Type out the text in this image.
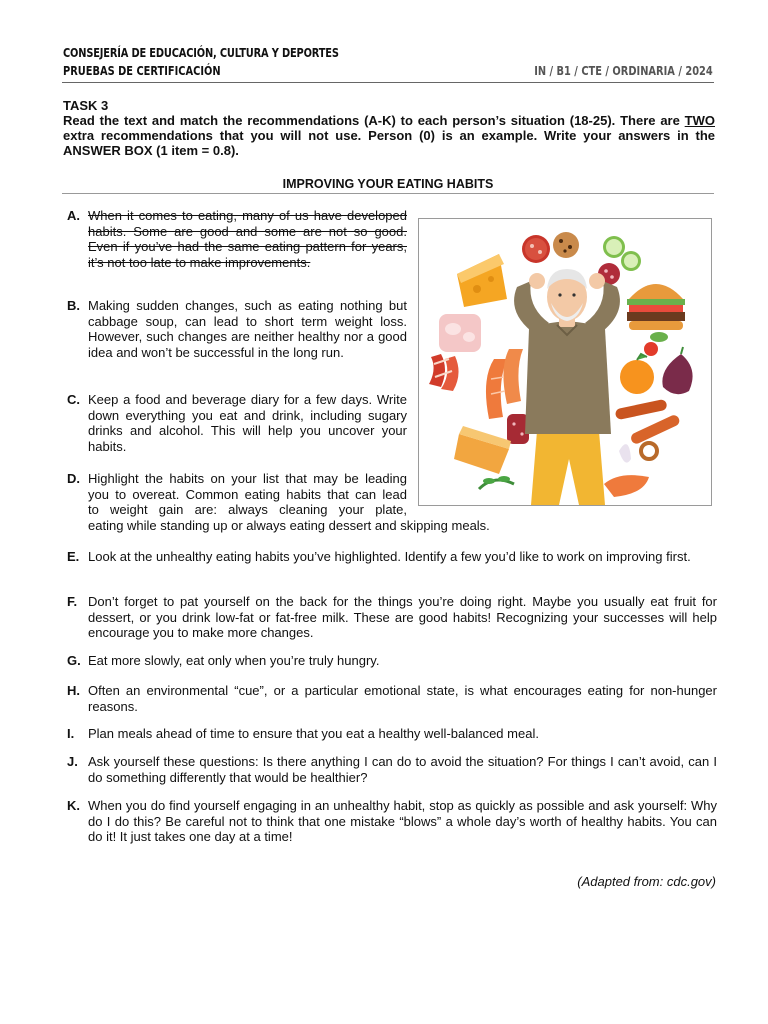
CONSEJERÍA DE EDUCACIÓN, CULTURA Y DEPORTES
PRUEBAS DE CERTIFICACIÓN	IN / B1 / CTE / ORDINARIA / 2024
TASK 3
Read the text and match the recommendations (A-K) to each person’s situation (18-25). There are TWO extra recommendations that you will not use. Person (0) is an example. Write your answers in the ANSWER BOX (1 item = 0.8).
IMPROVING YOUR EATING HABITS
A. When it comes to eating, many of us have developed habits. Some are good and some are not so good. Even if you’ve had the same eating pattern for years, it’s not too late to make improvements.
B. Making sudden changes, such as eating nothing but cabbage soup, can lead to short term weight loss. However, such changes are neither healthy nor a good idea and won’t be successful in the long run.
C. Keep a food and beverage diary for a few days. Write down everything you eat and drink, including sugary drinks and alcohol. This will help you uncover your habits.
D. Highlight the habits on your list that may be leading
you to overeat. Common eating habits that can lead
to weight gain are: always cleaning your plate,
eating while standing up or always eating dessert and skipping meals.
E. Look at the unhealthy eating habits you’ve highlighted. Identify a few you’d like to work on improving first.
F. Don’t forget to pat yourself on the back for the things you’re doing right. Maybe you usually eat fruit for dessert, or you drink low-fat or fat-free milk. These are good habits! Recognizing your successes will help encourage you to make more changes.
G. Eat more slowly, eat only when you’re truly hungry.
H. Often an environmental “cue”, or a particular emotional state, is what encourages eating for non-hunger reasons.
I. Plan meals ahead of time to ensure that you eat a healthy well-balanced meal.
J. Ask yourself these questions: Is there anything I can do to avoid the situation? For things I can’t avoid, can I do something differently that would be healthier?
K. When you do find yourself engaging in an unhealthy habit, stop as quickly as possible and ask yourself: Why do I do this? Be careful not to think that one mistake “blows” a whole day’s worth of healthy habits. You can do it! It just takes one day at a time!
(Adapted from: cdc.gov)
